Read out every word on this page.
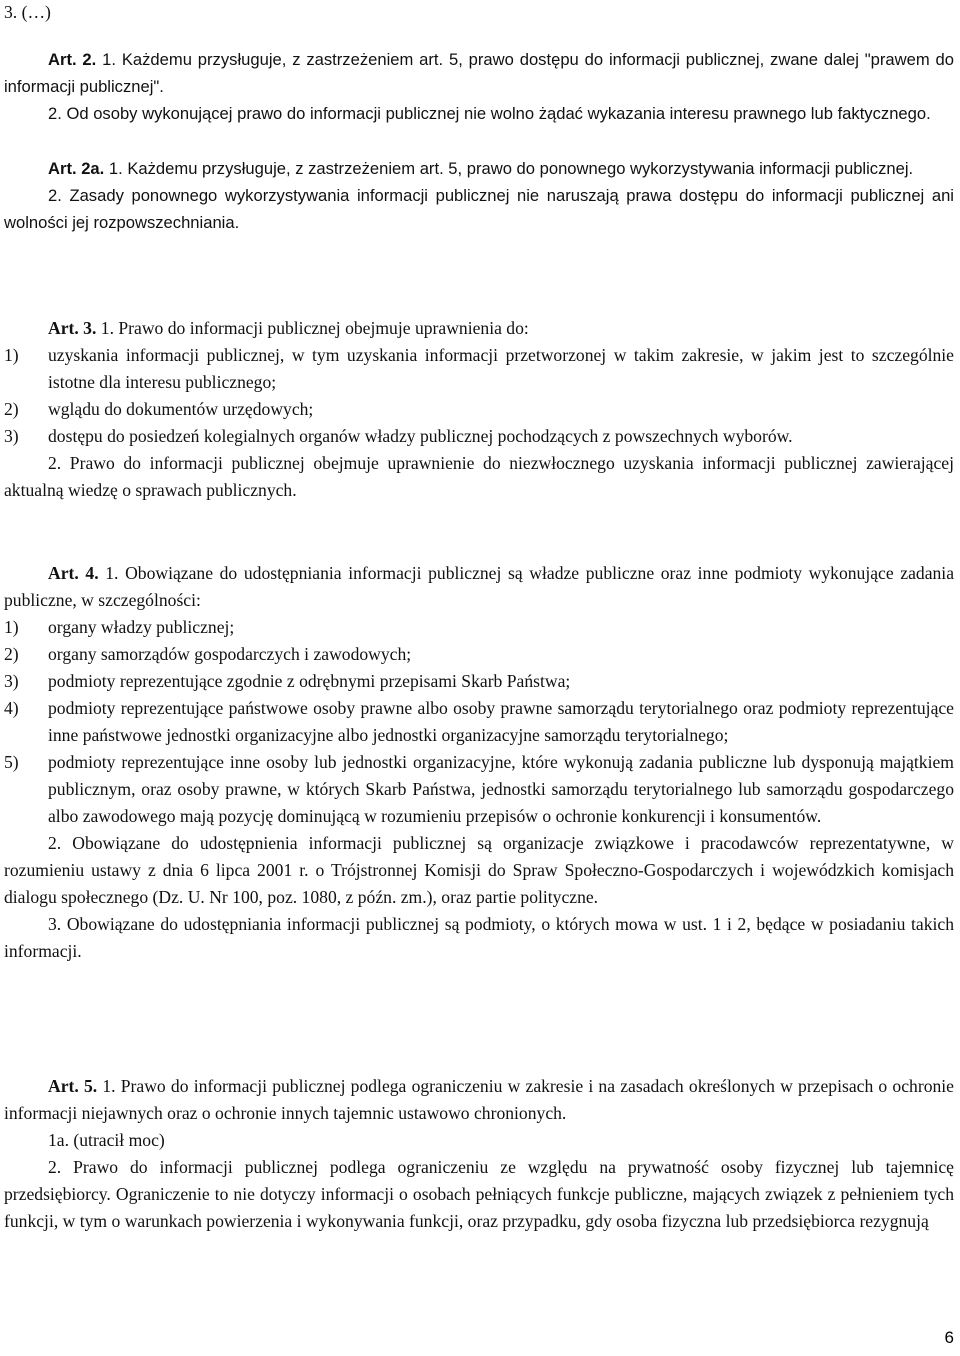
3. (…)

Art. 2. 1. Każdemu przysługuje, z zastrzeżeniem art. 5, prawo dostępu do informacji publicznej, zwane dalej "prawem do informacji publicznej".

2. Od osoby wykonującej prawo do informacji publicznej nie wolno żądać wykazania interesu prawnego lub faktycznego.

Art. 2a. 1. Każdemu przysługuje, z zastrzeżeniem art. 5, prawo do ponownego wykorzystywania informacji publicznej.

2. Zasady ponownego wykorzystywania informacji publicznej nie naruszają prawa dostępu do informacji publicznej ani wolności jej rozpowszechniania.

Art. 3. 1. Prawo do informacji publicznej obejmuje uprawnienia do:

1)	uzyskania informacji publicznej, w tym uzyskania informacji przetworzonej w takim zakresie, w jakim jest to szczególnie istotne dla interesu publicznego;
2)	wglądu do dokumentów urzędowych;
3)	dostępu do posiedzeń kolegialnych organów władzy publicznej pochodzących z powszechnych wyborów.

2. Prawo do informacji publicznej obejmuje uprawnienie do niezwłocznego uzyskania informacji publicznej zawierającej aktualną wiedzę o sprawach publicznych.

Art. 4. 1. Obowiązane do udostępniania informacji publicznej są władze publiczne oraz inne podmioty wykonujące zadania publiczne, w szczególności:

1)	organy władzy publicznej;
2)	organy samorządów gospodarczych i zawodowych;
3)	podmioty reprezentujące zgodnie z odrębnymi przepisami Skarb Państwa;
4)	podmioty reprezentujące państwowe osoby prawne albo osoby prawne samorządu terytorialnego oraz podmioty reprezentujące inne państwowe jednostki organizacyjne albo jednostki organizacyjne samorządu terytorialnego;
5)	podmioty reprezentujące inne osoby lub jednostki organizacyjne, które wykonują zadania publiczne lub dysponują majątkiem publicznym, oraz osoby prawne, w których Skarb Państwa, jednostki samorządu terytorialnego lub samorządu gospodarczego albo zawodowego mają pozycję dominującą w rozumieniu przepisów o ochronie konkurencji i konsumentów.

2. Obowiązane do udostępnienia informacji publicznej są organizacje związkowe i pracodawców reprezentatywne, w rozumieniu ustawy z dnia 6 lipca 2001 r. o Trójstronnej Komisji do Spraw Społeczno-Gospodarczych i wojewódzkich komisjach dialogu społecznego (Dz. U. Nr 100, poz. 1080, z późn. zm.), oraz partie polityczne.

3. Obowiązane do udostępniania informacji publicznej są podmioty, o których mowa w ust. 1 i 2, będące w posiadaniu takich informacji.

Art. 5. 1. Prawo do informacji publicznej podlega ograniczeniu w zakresie i na zasadach określonych w przepisach o ochronie informacji niejawnych oraz o ochronie innych tajemnic ustawowo chronionych.

1a. (utracił moc)

2. Prawo do informacji publicznej podlega ograniczeniu ze względu na prywatność osoby fizycznej lub tajemnicę przedsiębiorcy. Ograniczenie to nie dotyczy informacji o osobach pełniących funkcje publiczne, mających związek z pełnieniem tych funkcji, w tym o warunkach powierzenia i wykonywania funkcji, oraz przypadku, gdy osoba fizyczna lub przedsiębiorca rezygnują

6
